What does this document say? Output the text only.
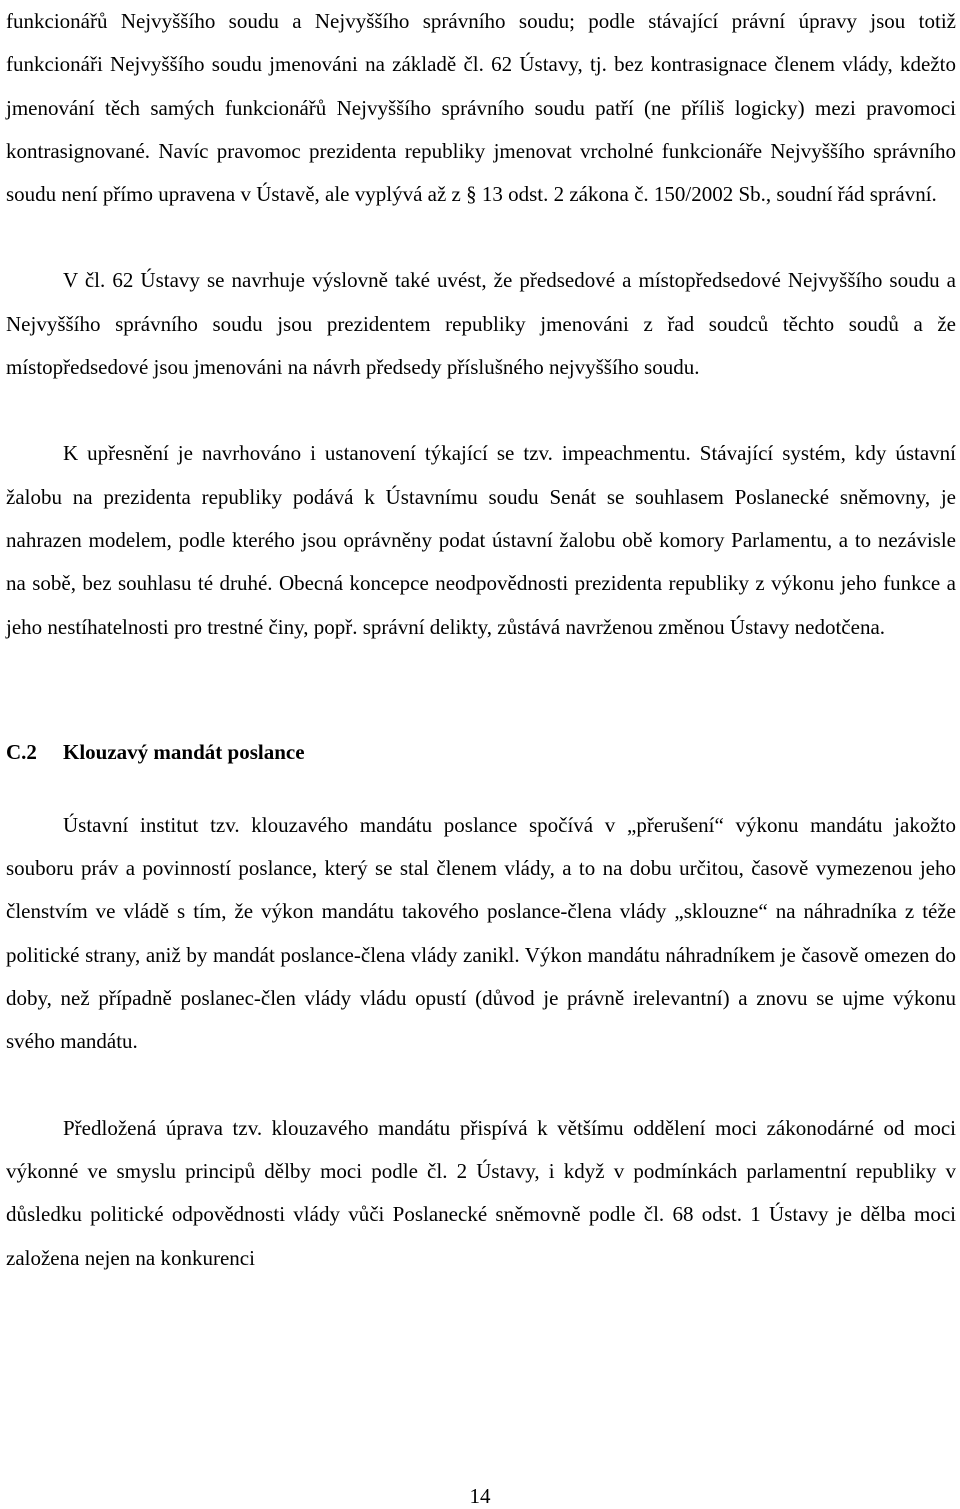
funkcionářů Nejvyššího soudu a Nejvyššího správního soudu; podle stávající právní úpravy jsou totiž funkcionáři Nejvyššího soudu jmenováni na základě čl. 62 Ústavy, tj. bez kontrasignace členem vlády, kdežto jmenování těch samých funkcionářů Nejvyššího správního soudu patří (ne příliš logicky) mezi pravomoci kontrasignované. Navíc pravomoc prezidenta republiky jmenovat vrcholné funkcionáře Nejvyššího správního soudu není přímo upravena v Ústavě, ale vyplývá až z § 13 odst. 2 zákona č. 150/2002 Sb., soudní řád správní.

V čl. 62 Ústavy se navrhuje výslovně také uvést, že předsedové a místopředsedové Nejvyššího soudu a Nejvyššího správního soudu jsou prezidentem republiky jmenováni z řad soudců těchto soudů a že místopředsedové jsou jmenováni na návrh předsedy příslušného nejvyššího soudu.

K upřesnění je navrhováno i ustanovení týkající se tzv. impeachmentu. Stávající systém, kdy ústavní žalobu na prezidenta republiky podává k Ústavnímu soudu Senát se souhlasem Poslanecké sněmovny, je nahrazen modelem, podle kterého jsou oprávněny podat ústavní žalobu obě komory Parlamentu, a to nezávisle na sobě, bez souhlasu té druhé. Obecná koncepce neodpovědnosti prezidenta republiky z výkonu jeho funkce a jeho nestíhatelnosti pro trestné činy, popř. správní delikty, zůstává navrženou změnou Ústavy nedotčena.

C.2	Klouzavý mandát poslance

Ústavní institut tzv. klouzavého mandátu poslance spočívá v „přerušení“ výkonu mandátu jakožto souboru práv a povinností poslance, který se stal členem vlády, a to na dobu určitou, časově vymezenou jeho členstvím ve vládě s tím, že výkon mandátu takového poslance-člena vlády „sklouzne“ na náhradníka z téže politické strany, aniž by mandát poslance-člena vlády zanikl. Výkon mandátu náhradníkem je časově omezen do doby, než případně poslanec-člen vlády vládu opustí (důvod je právně irelevantní) a znovu se ujme výkonu svého mandátu.

Předložená úprava tzv. klouzavého mandátu přispívá k většímu oddělení moci zákonodárné od moci výkonné ve smyslu principů dělby moci podle čl. 2 Ústavy, i když v podmínkách parlamentní republiky v důsledku politické odpovědnosti vlády vůči Poslanecké sněmovně podle čl. 68 odst. 1 Ústavy je dělba moci založena nejen na konkurenci

14
